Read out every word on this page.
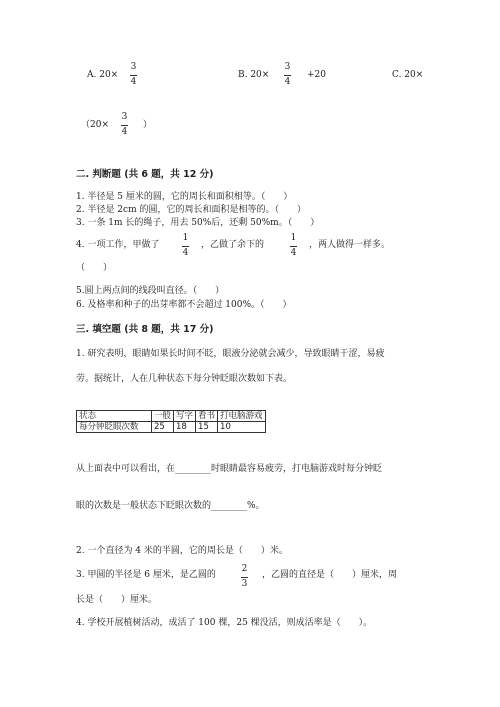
A. 20×
3
4
B. 20×
3
4
+20	C. 20×
（20×
3
4
）
二. 判断题 (共 6 题，共 12 分)
1. 半径是 5 厘米的圆，它的周长和面积相等。（　　）
2. 半径是 2cm 的圆，它的周长和面积是相等的。（　　）
3. 一条 1m 长的绳子，用去 50%后，还剩 50%m。（　　）
4. 一项工作，甲做了
1
4
，乙做了余下的
1
4
，两人做得一样多。
（　　）
5.圆上两点间的线段叫直径。（　　）
6. 及格率和种子的出芽率都不会超过 100%。（　　）
三. 填空题 (共 8 题，共 17 分)
1. 研究表明，眼睛如果长时间不眨，眼液分泌就会减少，导致眼睛干涩，易疲
劳。据统计，人在几种状态下每分钟眨眼次数如下表。
状态	一般	写字	看书	打电脑游戏
每分钟眨眼次数	25	18	15	10
从上面表中可以看出，在________时眼睛最容易疲劳，打电脑游戏时每分钟眨
眼的次数是一般状态下眨眼次数的________%。
2. 一个直径为 4 米的半圆，它的周长是（　　）米。
3. 甲圆的半径是 6 厘米，是乙圆的
2
3
，乙圆的直径是（　　）厘米，周
长是（　　）厘米。
4. 学校开展植树活动，成活了 100 棵，25 棵没活，则成活率是（　　）。
